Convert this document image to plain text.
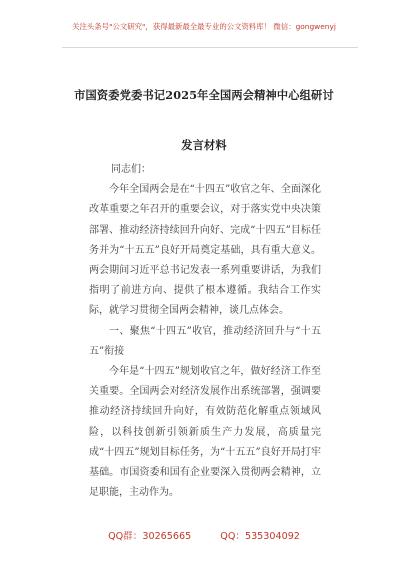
关注头条号"公文研究"，获得最新最全最专业的公文资料库！ 微信：gongwenyj
市国资委党委书记2025年全国两会精神中心组研讨发言材料

同志们：

今年全国两会是在“十四五”收官之年、全面深化改革重要之年召开的重要会议，对于落实党中央决策部署、推动经济持续回升向好、完成“十四五”目标任务并为“十五五”良好开局奠定基础，具有重大意义。两会期间习近平总书记发表一系列重要讲话，为我们指明了前进方向、提供了根本遵循。我结合工作实际，就学习贯彻全国两会精神，谈几点体会。

一、聚焦“十四五”收官，推动经济回升与“十五五”衔接

今年是“十四五”规划收官之年，做好经济工作至关重要。全国两会对经济发展作出系统部署，强调要推动经济持续回升向好，有效防范化解重点领域风险，以科技创新引领新质生产力发展，高质量完成“十四五”规划目标任务，为“十五五”良好开局打牢基础。市国资委和国有企业要深入贯彻两会精神，立足职能，主动作为。

QQ群：30265665	QQ：535304092
